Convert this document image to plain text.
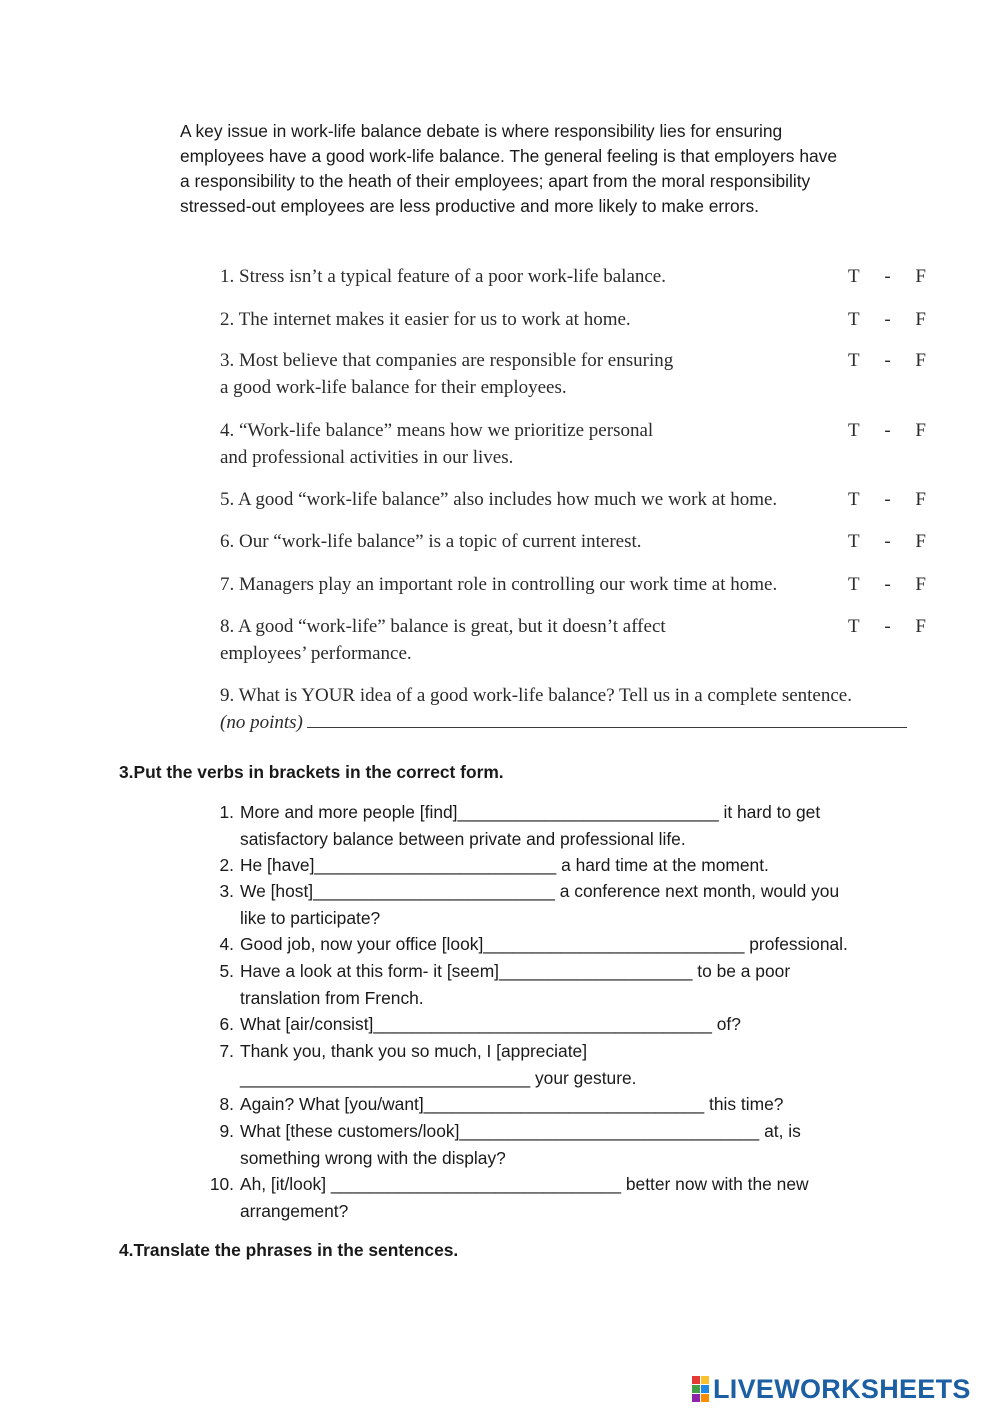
A key issue in work-life balance debate is where responsibility lies for ensuring

employees have a good work-life balance. The general feeling is that employers have

a responsibility to the heath of their employees; apart from the moral responsibility

stressed-out employees are less productive and more likely to make errors.

1. Stress isn’t a typical feature of a poor work-life balance.	T - F
2. The internet makes it easier for us to work at home.	T - F
3. Most believe that companies are responsible for ensuring
a good work-life balance for their employees.
T - F
4. “Work-life balance” means how we prioritize personal
and professional activities in our lives.
T - F
5. A good “work-life balance” also includes how much we work at home.	T - F
6. Our “work-life balance” is a topic of current interest.	T - F
7. Managers play an important role in controlling our work time at home.	T - F
8. A good “work-life” balance is great, but it doesn’t affect
employees’ performance.
T - F
9. What is YOUR idea of a good work-life balance? Tell us in a complete sentence.
(no points)
3.Put the verbs in brackets in the correct form.
1. More and more people [find]___________________________ it hard to get
satisfactory balance between private and professional life.
2. He [have]_________________________ a hard time at the moment.
3. We [host]_________________________ a conference next month, would you
like to participate?
4. Good job, now your office [look]___________________________ professional.
5. Have a look at this form- it [seem]____________________ to be a poor
translation from French.
6. What [air/consist]___________________________________ of?
7. Thank you, thank you so much, I [appreciate]
______________________________ your gesture.
8. Again? What [you/want]_____________________________ this time?
9. What [these customers/look]_______________________________ at, is
something wrong with the display?
10. Ah, [it/look] ______________________________ better now with the new
arrangement?
4.Translate the phrases in the sentences.
LIVEWORKSHEETS
